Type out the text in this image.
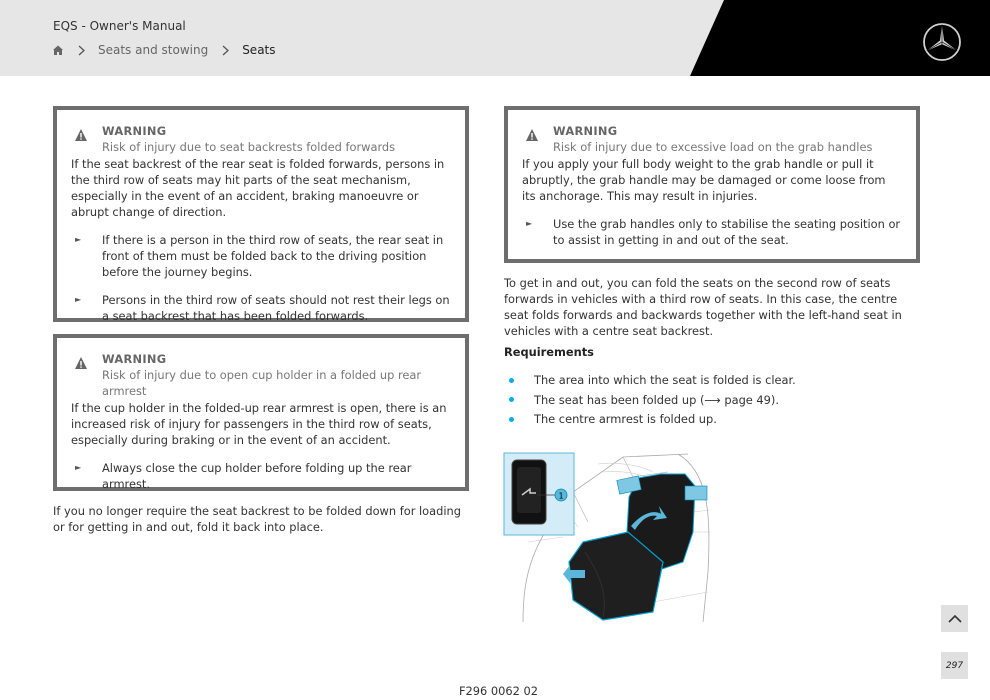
EQS - Owner's Manual
Seats and stowing	Seats
WARNING
Risk of injury due to seat backrests folded forwards
If the seat backrest of the rear seat is folded forwards, persons in the third row of seats may hit parts of the seat mechanism, especially in the event of an accident, braking manoeuvre or abrupt change of direction.
►	If there is a person in the third row of seats, the rear seat in front of them must be folded back to the driving position before the journey begins.
►	Persons in the third row of seats should not rest their legs on a seat backrest that has been folded forwards.
WARNING
Risk of injury due to open cup holder in a folded up rear armrest
If the cup holder in the folded-up rear armrest is open, there is an increased risk of injury for passengers in the third row of seats, especially during braking or in the event of an accident.
►	Always close the cup holder before folding up the rear armrest.
If you no longer require the seat backrest to be folded down for loading or for getting in and out, fold it back into place.
WARNING
Risk of injury due to excessive load on the grab handles
If you apply your full body weight to the grab handle or pull it abruptly, the grab handle may be damaged or come loose from its anchorage. This may result in injuries.
►	Use the grab handles only to stabilise the seating position or to assist in getting in and out of the seat.
To get in and out, you can fold the seats on the second row of seats forwards in vehicles with a third row of seats. In this case, the centre seat folds forwards and backwards together with the left-hand seat in vehicles with a centre seat backrest.
Requirements
The area into which the seat is folded is clear.
The seat has been folded up (⟶ page 49).
The centre armrest is folded up.
1
F296 0062 02
297
